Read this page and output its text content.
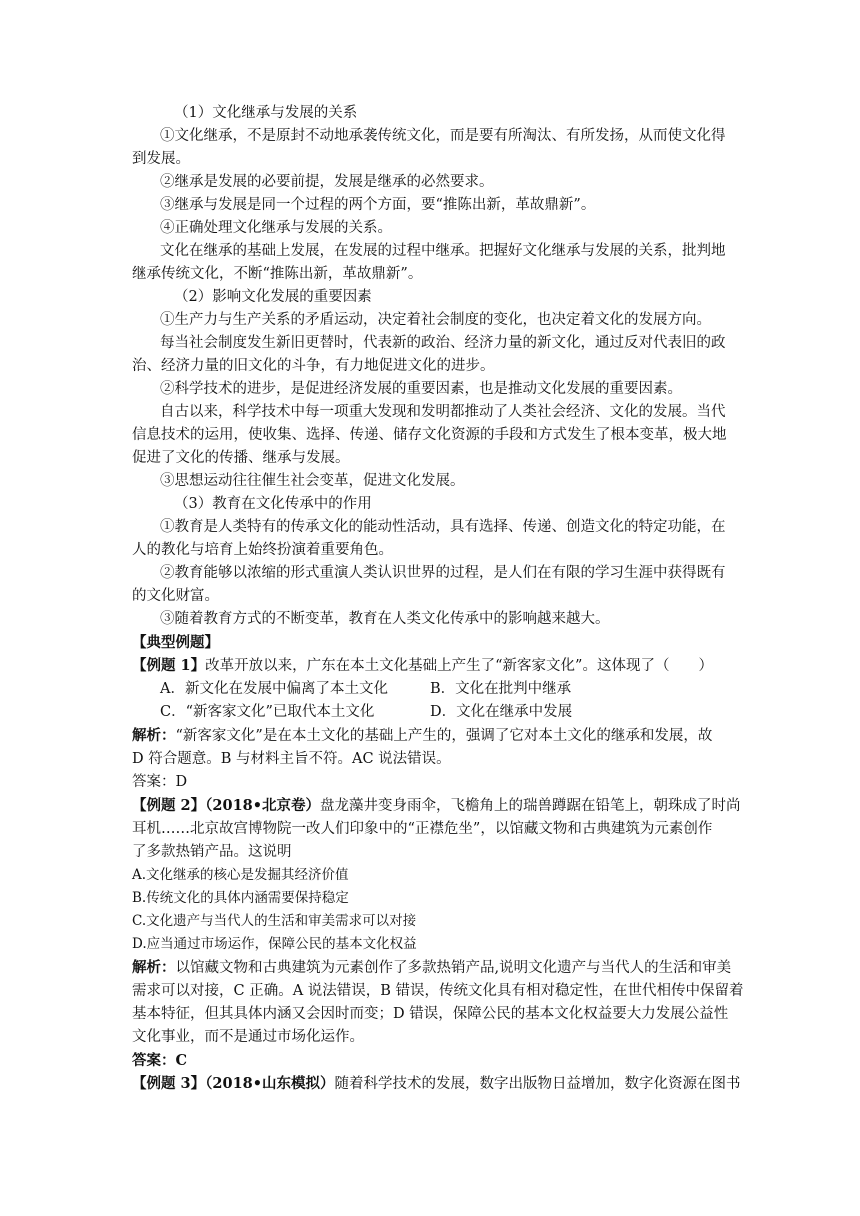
（1）文化继承与发展的关系
①文化继承，不是原封不动地承袭传统文化，而是要有所淘汰、有所发扬，从而使文化得
到发展。
②继承是发展的必要前提，发展是继承的必然要求。
③继承与发展是同一个过程的两个方面，要“推陈出新，革故鼎新”。
④正确处理文化继承与发展的关系。
文化在继承的基础上发展，在发展的过程中继承。把握好文化继承与发展的关系，批判地
继承传统文化，不断“推陈出新，革故鼎新”。
（2）影响文化发展的重要因素
①生产力与生产关系的矛盾运动，决定着社会制度的变化，也决定着文化的发展方向。
每当社会制度发生新旧更替时，代表新的政治、经济力量的新文化，通过反对代表旧的政
治、经济力量的旧文化的斗争，有力地促进文化的进步。
②科学技术的进步，是促进经济发展的重要因素，也是推动文化发展的重要因素。
自古以来，科学技术中每一项重大发现和发明都推动了人类社会经济、文化的发展。当代
信息技术的运用，使收集、选择、传递、储存文化资源的手段和方式发生了根本变革，极大地
促进了文化的传播、继承与发展。
③思想运动往往催生社会变革，促进文化发展。
（3）教育在文化传承中的作用
①教育是人类特有的传承文化的能动性活动，具有选择、传递、创造文化的特定功能，在
人的教化与培育上始终扮演着重要角色。
②教育能够以浓缩的形式重演人类认识世界的过程，是人们在有限的学习生涯中获得既有
的文化财富。
③随着教育方式的不断变革，教育在人类文化传承中的影响越来越大。
【典型例题】
【例题 1】改革开放以来，广东在本土文化基础上产生了“新客家文化”。这体现了（　　）
A．新文化在发展中偏离了本土文化	B．文化在批判中继承
C．“新客家文化”已取代本土文化	D．文化在继承中发展
解析：“新客家文化”是在本土文化的基础上产生的，强调了它对本土文化的继承和发展，故
D 符合题意。B 与材料主旨不符。AC 说法错误。
答案：D
【例题 2】（2018•北京卷）盘龙藻井变身雨伞，飞檐角上的瑞兽蹲踞在铅笔上，朝珠成了时尚
耳机……北京故宫博物院一改人们印象中的“正襟危坐”，以馆藏文物和古典建筑为元素创作
了多款热销产品。这说明
A.文化继承的核心是发掘其经济价值
B.传统文化的具体内涵需要保持稳定
C.文化遗产与当代人的生活和审美需求可以对接
D.应当通过市场运作，保障公民的基本文化权益
解析：以馆藏文物和古典建筑为元素创作了多款热销产品,说明文化遗产与当代人的生活和审美
需求可以对接，C 正确。A 说法错误，B 错误，传统文化具有相对稳定性，在世代相传中保留着
基本特征，但其具体内涵又会因时而变；D 错误，保障公民的基本文化权益要大力发展公益性
文化事业，而不是通过市场化运作。
答案：C
【例题 3】（2018•山东模拟）随着科学技术的发展，数字出版物日益增加，数字化资源在图书
